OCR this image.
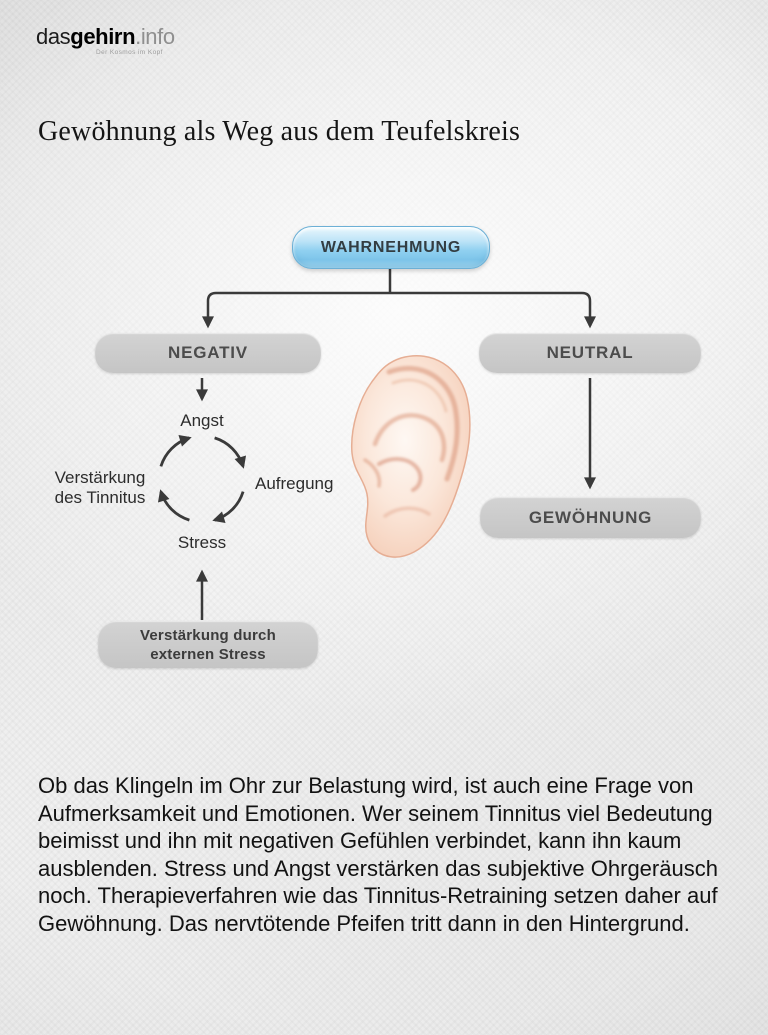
dasgehirn.info
Der Kosmos im Kopf
Gewöhnung als Weg aus dem Teufelskreis
WAHRNEHMUNG
NEGATIV	NEUTRAL
GEWÖHNUNG
Verstärkung durch
externen Stress
Angst
Aufregung
Stress
Verstärkung
des Tinnitus

Ob das Klingeln im Ohr zur Belastung wird, ist auch eine Frage von Aufmerksamkeit und Emotionen. Wer seinem Tinnitus viel Bedeutung beimisst und ihn mit negativen Gefühlen verbindet, kann ihn kaum ausblenden. Stress und Angst verstärken das subjektive Ohrgeräusch noch. Therapieverfahren wie das Tinnitus-Retraining setzen daher auf Gewöhnung. Das nervtötende Pfeifen tritt dann in den Hintergrund.
